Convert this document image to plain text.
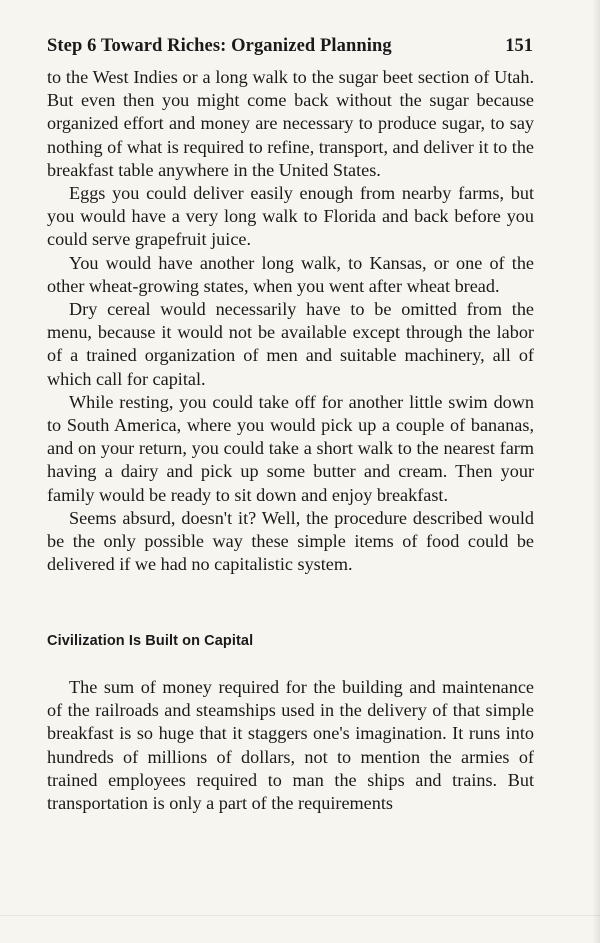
Step 6 Toward Riches: Organized Planning	151

to the West Indies or a long walk to the sugar beet section of Utah. But even then you might come back without the sugar because organized effort and money are necessary to produce sugar, to say nothing of what is required to refine, transport, and deliver it to the breakfast table anywhere in the United States.

Eggs you could deliver easily enough from nearby farms, but you would have a very long walk to Florida and back before you could serve grapefruit juice.

You would have another long walk, to Kansas, or one of the other wheat-growing states, when you went after wheat bread.

Dry cereal would necessarily have to be omitted from the menu, because it would not be available except through the labor of a trained organization of men and suitable machinery, all of which call for capital.

While resting, you could take off for another little swim down to South America, where you would pick up a couple of bananas, and on your return, you could take a short walk to the nearest farm having a dairy and pick up some butter and cream. Then your family would be ready to sit down and enjoy breakfast.

Seems absurd, doesn't it? Well, the procedure described would be the only possible way these simple items of food could be delivered if we had no capitalistic system.

Civilization Is Built on Capital

The sum of money required for the building and maintenance of the railroads and steamships used in the delivery of that simple breakfast is so huge that it staggers one's imagination. It runs into hundreds of millions of dollars, not to mention the armies of trained employees required to man the ships and trains. But transportation is only a part of the requirements
